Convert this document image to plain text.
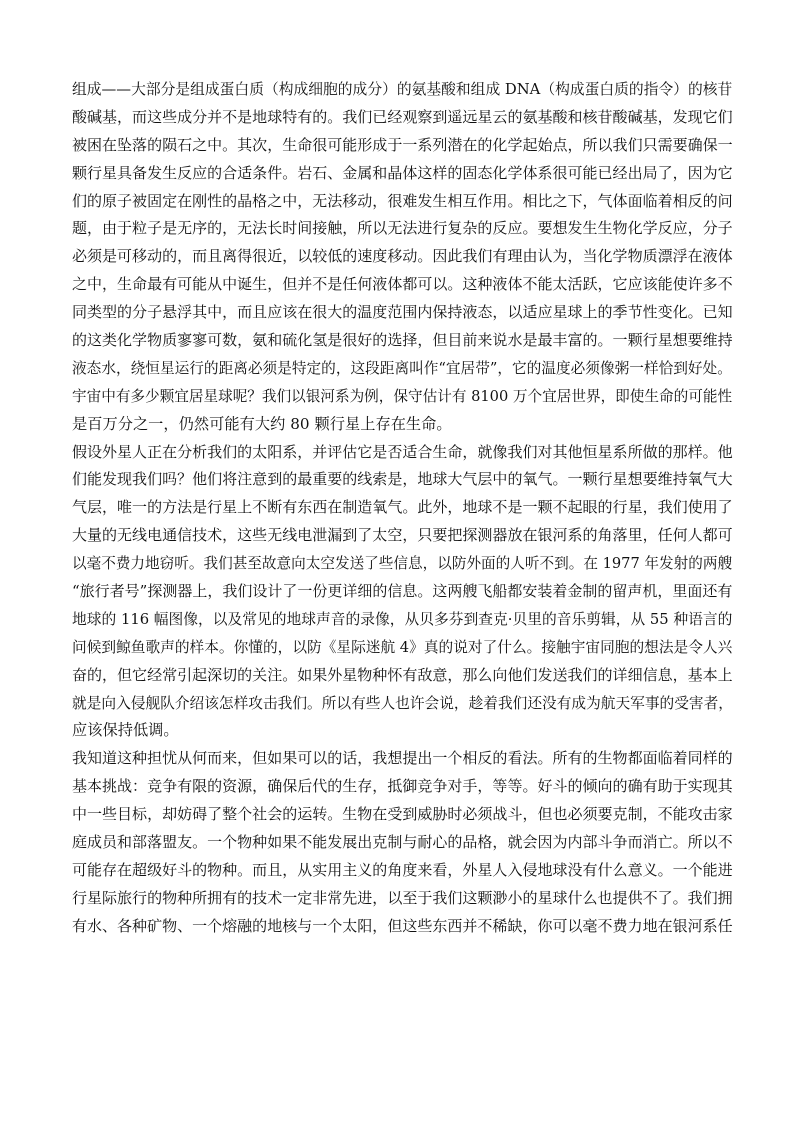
组成——大部分是组成蛋白质（构成细胞的成分）的氨基酸和组成 DNA（构成蛋白质的指令）的核苷
酸碱基，而这些成分并不是地球特有的。我们已经观察到遥远星云的氨基酸和核苷酸碱基，发现它们
被困在坠落的陨石之中。其次，生命很可能形成于一系列潜在的化学起始点，所以我们只需要确保一
颗行星具备发生反应的合适条件。岩石、金属和晶体这样的固态化学体系很可能已经出局了，因为它
们的原子被固定在刚性的晶格之中，无法移动，很难发生相互作用。相比之下，气体面临着相反的问
题，由于粒子是无序的，无法长时间接触，所以无法进行复杂的反应。要想发生生物化学反应，分子
必须是可移动的，而且离得很近，以较低的速度移动。因此我们有理由认为，当化学物质漂浮在液体
之中，生命最有可能从中诞生，但并不是任何液体都可以。这种液体不能太活跃，它应该能使许多不
同类型的分子悬浮其中，而且应该在很大的温度范围内保持液态，以适应星球上的季节性变化。已知
的这类化学物质寥寥可数，氨和硫化氢是很好的选择，但目前来说水是最丰富的。一颗行星想要维持
液态水，绕恒星运行的距离必须是特定的，这段距离叫作“宜居带”，它的温度必须像粥一样恰到好处。
宇宙中有多少颗宜居星球呢？我们以银河系为例，保守估计有 8100 万个宜居世界，即使生命的可能性
是百万分之一，仍然可能有大约 80 颗行星上存在生命。
假设外星人正在分析我们的太阳系，并评估它是否适合生命，就像我们对其他恒星系所做的那样。他
们能发现我们吗？他们将注意到的最重要的线索是，地球大气层中的氧气。一颗行星想要维持氧气大
气层，唯一的方法是行星上不断有东西在制造氧气。此外，地球不是一颗不起眼的行星，我们使用了
大量的无线电通信技术，这些无线电泄漏到了太空，只要把探测器放在银河系的角落里，任何人都可
以毫不费力地窃听。我们甚至故意向太空发送了些信息，以防外面的人听不到。在 1977 年发射的两艘
“旅行者号”探测器上，我们设计了一份更详细的信息。这两艘飞船都安装着金制的留声机，里面还有
地球的 116 幅图像，以及常见的地球声音的录像，从贝多芬到查克·贝里的音乐剪辑，从 55 种语言的
问候到鲸鱼歌声的样本。你懂的，以防《星际迷航 4》真的说对了什么。接触宇宙同胞的想法是令人兴
奋的，但它经常引起深切的关注。如果外星物种怀有敌意，那么向他们发送我们的详细信息，基本上
就是向入侵舰队介绍该怎样攻击我们。所以有些人也许会说，趁着我们还没有成为航天军事的受害者，
应该保持低调。
我知道这种担忧从何而来，但如果可以的话，我想提出一个相反的看法。所有的生物都面临着同样的
基本挑战：竞争有限的资源，确保后代的生存，抵御竞争对手，等等。好斗的倾向的确有助于实现其
中一些目标，却妨碍了整个社会的运转。生物在受到威胁时必须战斗，但也必须要克制，不能攻击家
庭成员和部落盟友。一个物种如果不能发展出克制与耐心的品格，就会因为内部斗争而消亡。所以不
可能存在超级好斗的物种。而且，从实用主义的角度来看，外星人入侵地球没有什么意义。一个能进
行星际旅行的物种所拥有的技术一定非常先进，以至于我们这颗渺小的星球什么也提供不了。我们拥
有水、各种矿物、一个熔融的地核与一个太阳，但这些东西并不稀缺，你可以毫不费力地在银河系任
